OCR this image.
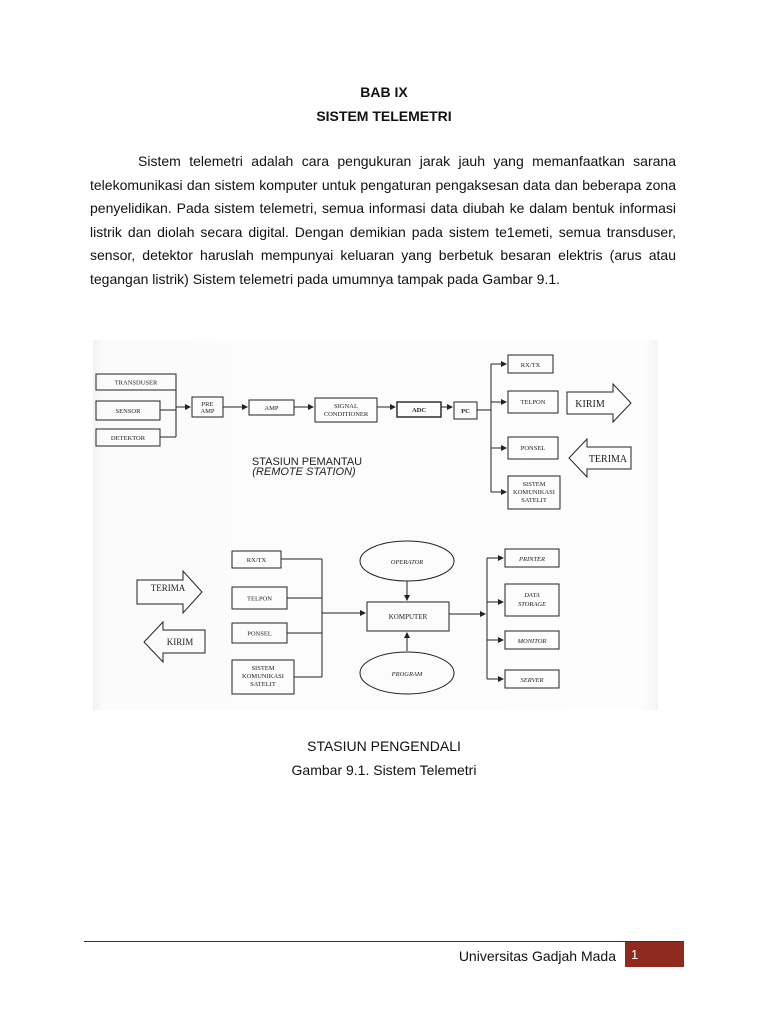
BAB IX
SISTEM TELEMETRI

Sistem telemetri adalah cara pengukuran jarak jauh yang memanfaatkan sarana telekomunikasi dan sistem komputer untuk pengaturan pengaksesan data dan beberapa zona penyelidikan. Pada sistem telemetri, semua informasi data diubah ke dalam bentuk informasi listrik dan diolah secara digital. Dengan demikian pada sistem te1emeti, semua transduser, sensor, detektor haruslah mempunyai keluaran yang berbetuk besaran elektris (arus atau tegangan listrik) Sistem telemetri pada umumnya tampak pada Gambar 9.1.

TRANSDUSER
SENSOR
DETEKTOR
PRE
AMP	AMP	SIGNAL
CONDITIONER
ADC	PC
RX/TX
TELPON
PONSEL
SISTEM
KOMUNIKASI
SATELIT
KIRIM
TERIMA
STASIUN PEMANTAU
(REMOTE STATION)
RX/TX
TELPON
PONSEL
SISTEM
KOMUNIKASI
SATELIT
OPERATOR
KOMPUTER
PROGRAM
PRINTER
DATA
STORAGE
MONITOR
SERVER
TERIMA
KIRIM
STASIUN PENGENDALI
Gambar 9.1. Sistem Telemetri
Universitas Gadjah Mada	1
